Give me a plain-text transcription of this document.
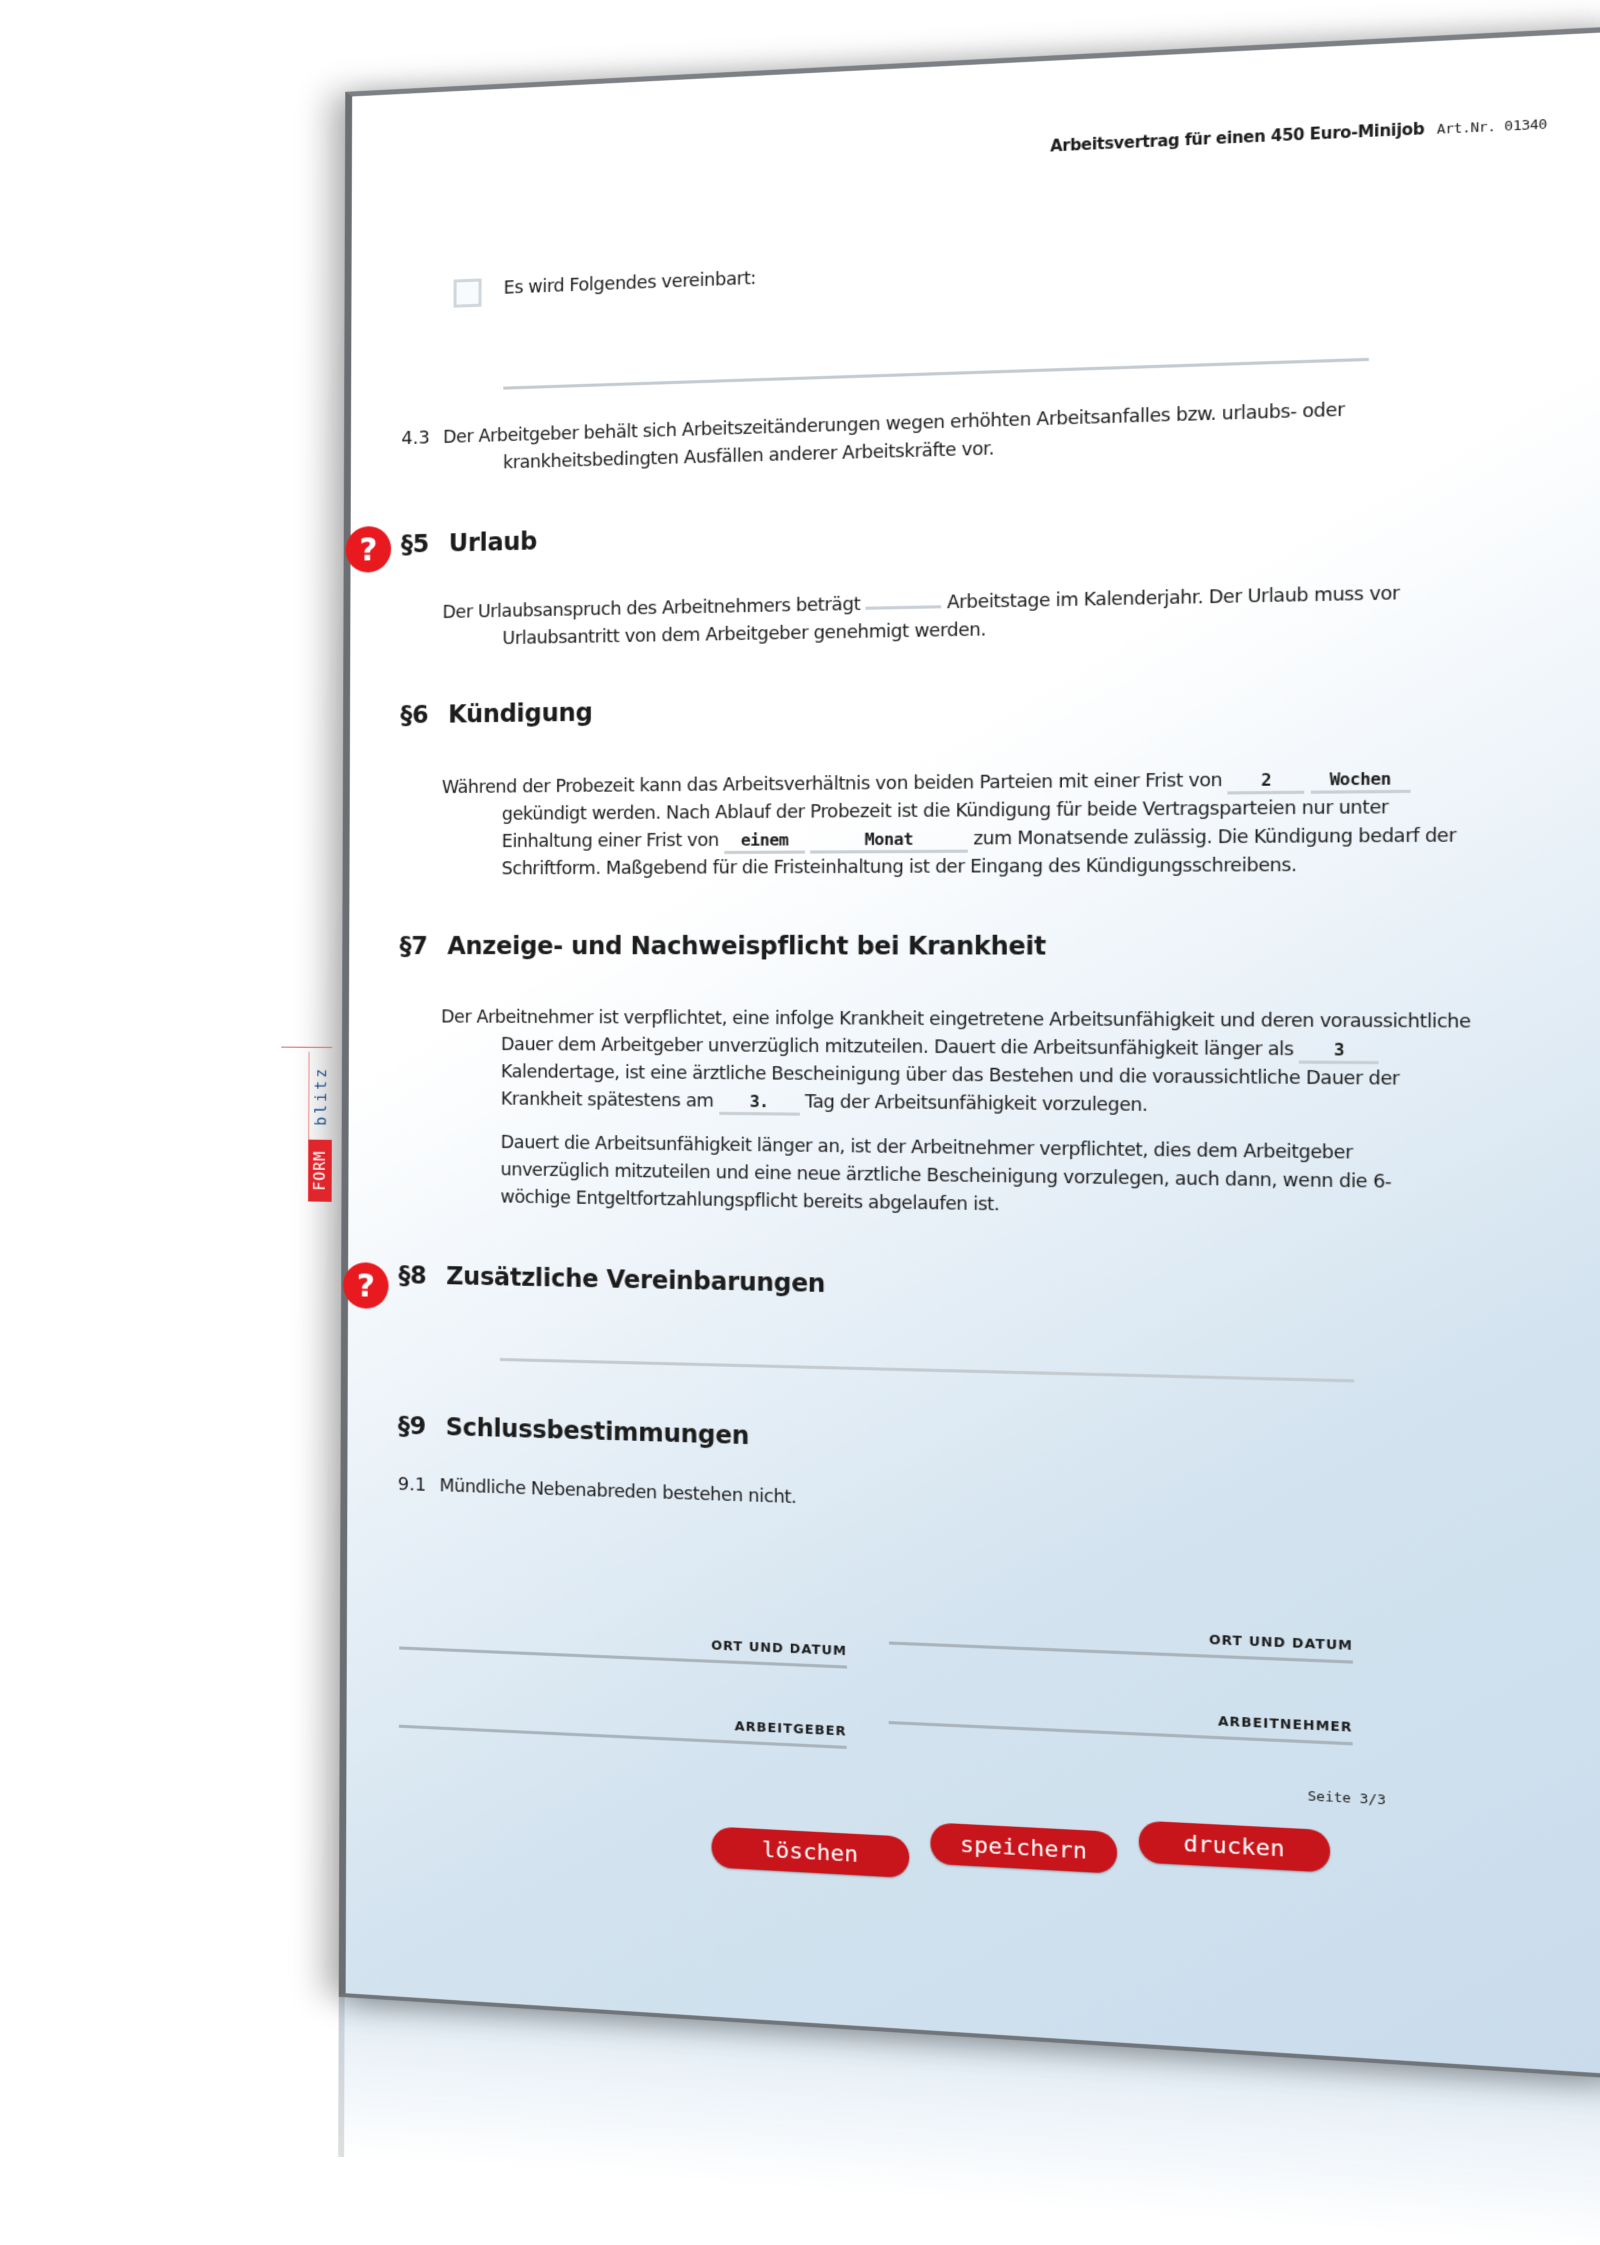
Arbeitsvertrag für einen 450 Euro-Minijob Art.Nr. 01340
blitz
FORM
Es wird Folgendes vereinbart:
4.3 Der Arbeitgeber behält sich Arbeitszeitänderungen wegen erhöhten Arbeitsanfalles bzw. urlaubs- oder krankheitsbedingten Ausfällen anderer Arbeitskräfte vor.
? §5 Urlaub
Der Urlaubsanspruch des Arbeitnehmers beträgt	Arbeitstage im Kalenderjahr. Der Urlaub muss vor Urlaubsantritt von dem Arbeitgeber genehmigt werden.
§6 Kündigung
Während der Probezeit kann das Arbeitsverhältnis von beiden Parteien mit einer Frist von 2	Wochen gekündigt werden. Nach Ablauf der Probezeit ist die Kündigung für beide Vertragsparteien nur unter Einhaltung einer Frist von einem	Monat	zum Monatsende zulässig. Die Kündigung bedarf der Schriftform. Maßgebend für die Fristeinhaltung ist der Eingang des Kündigungsschreibens.
§7 Anzeige- und Nachweispflicht bei Krankheit
Der Arbeitnehmer ist verpflichtet, eine infolge Krankheit eingetretene Arbeitsunfähigkeit und deren voraussichtliche Dauer dem Arbeitgeber unverzüglich mitzuteilen. Dauert die Arbeitsunfähigkeit länger als	3 Kalendertage, ist eine ärztliche Bescheinigung über das Bestehen und die voraussichtliche Dauer der Krankheit spätestens am 3. Tag der Arbeitsunfähigkeit vorzulegen.
Dauert die Arbeitsunfähigkeit länger an, ist der Arbeitnehmer verpflichtet, dies dem Arbeitgeber unverzüglich mitzuteilen und eine neue ärztliche Bescheinigung vorzulegen, auch dann, wenn die 6-wöchige Entgeltfortzahlungspflicht bereits abgelaufen ist.
? §8 Zusätzliche Vereinbarungen
§9 Schlussbestimmungen
9.1 Mündliche Nebenabreden bestehen nicht.
ORT UND DATUM	ORT UND DATUM
ARBEITGEBER	ARBEITNEHMER
Seite 3/3
löschen	speichern	drucken
